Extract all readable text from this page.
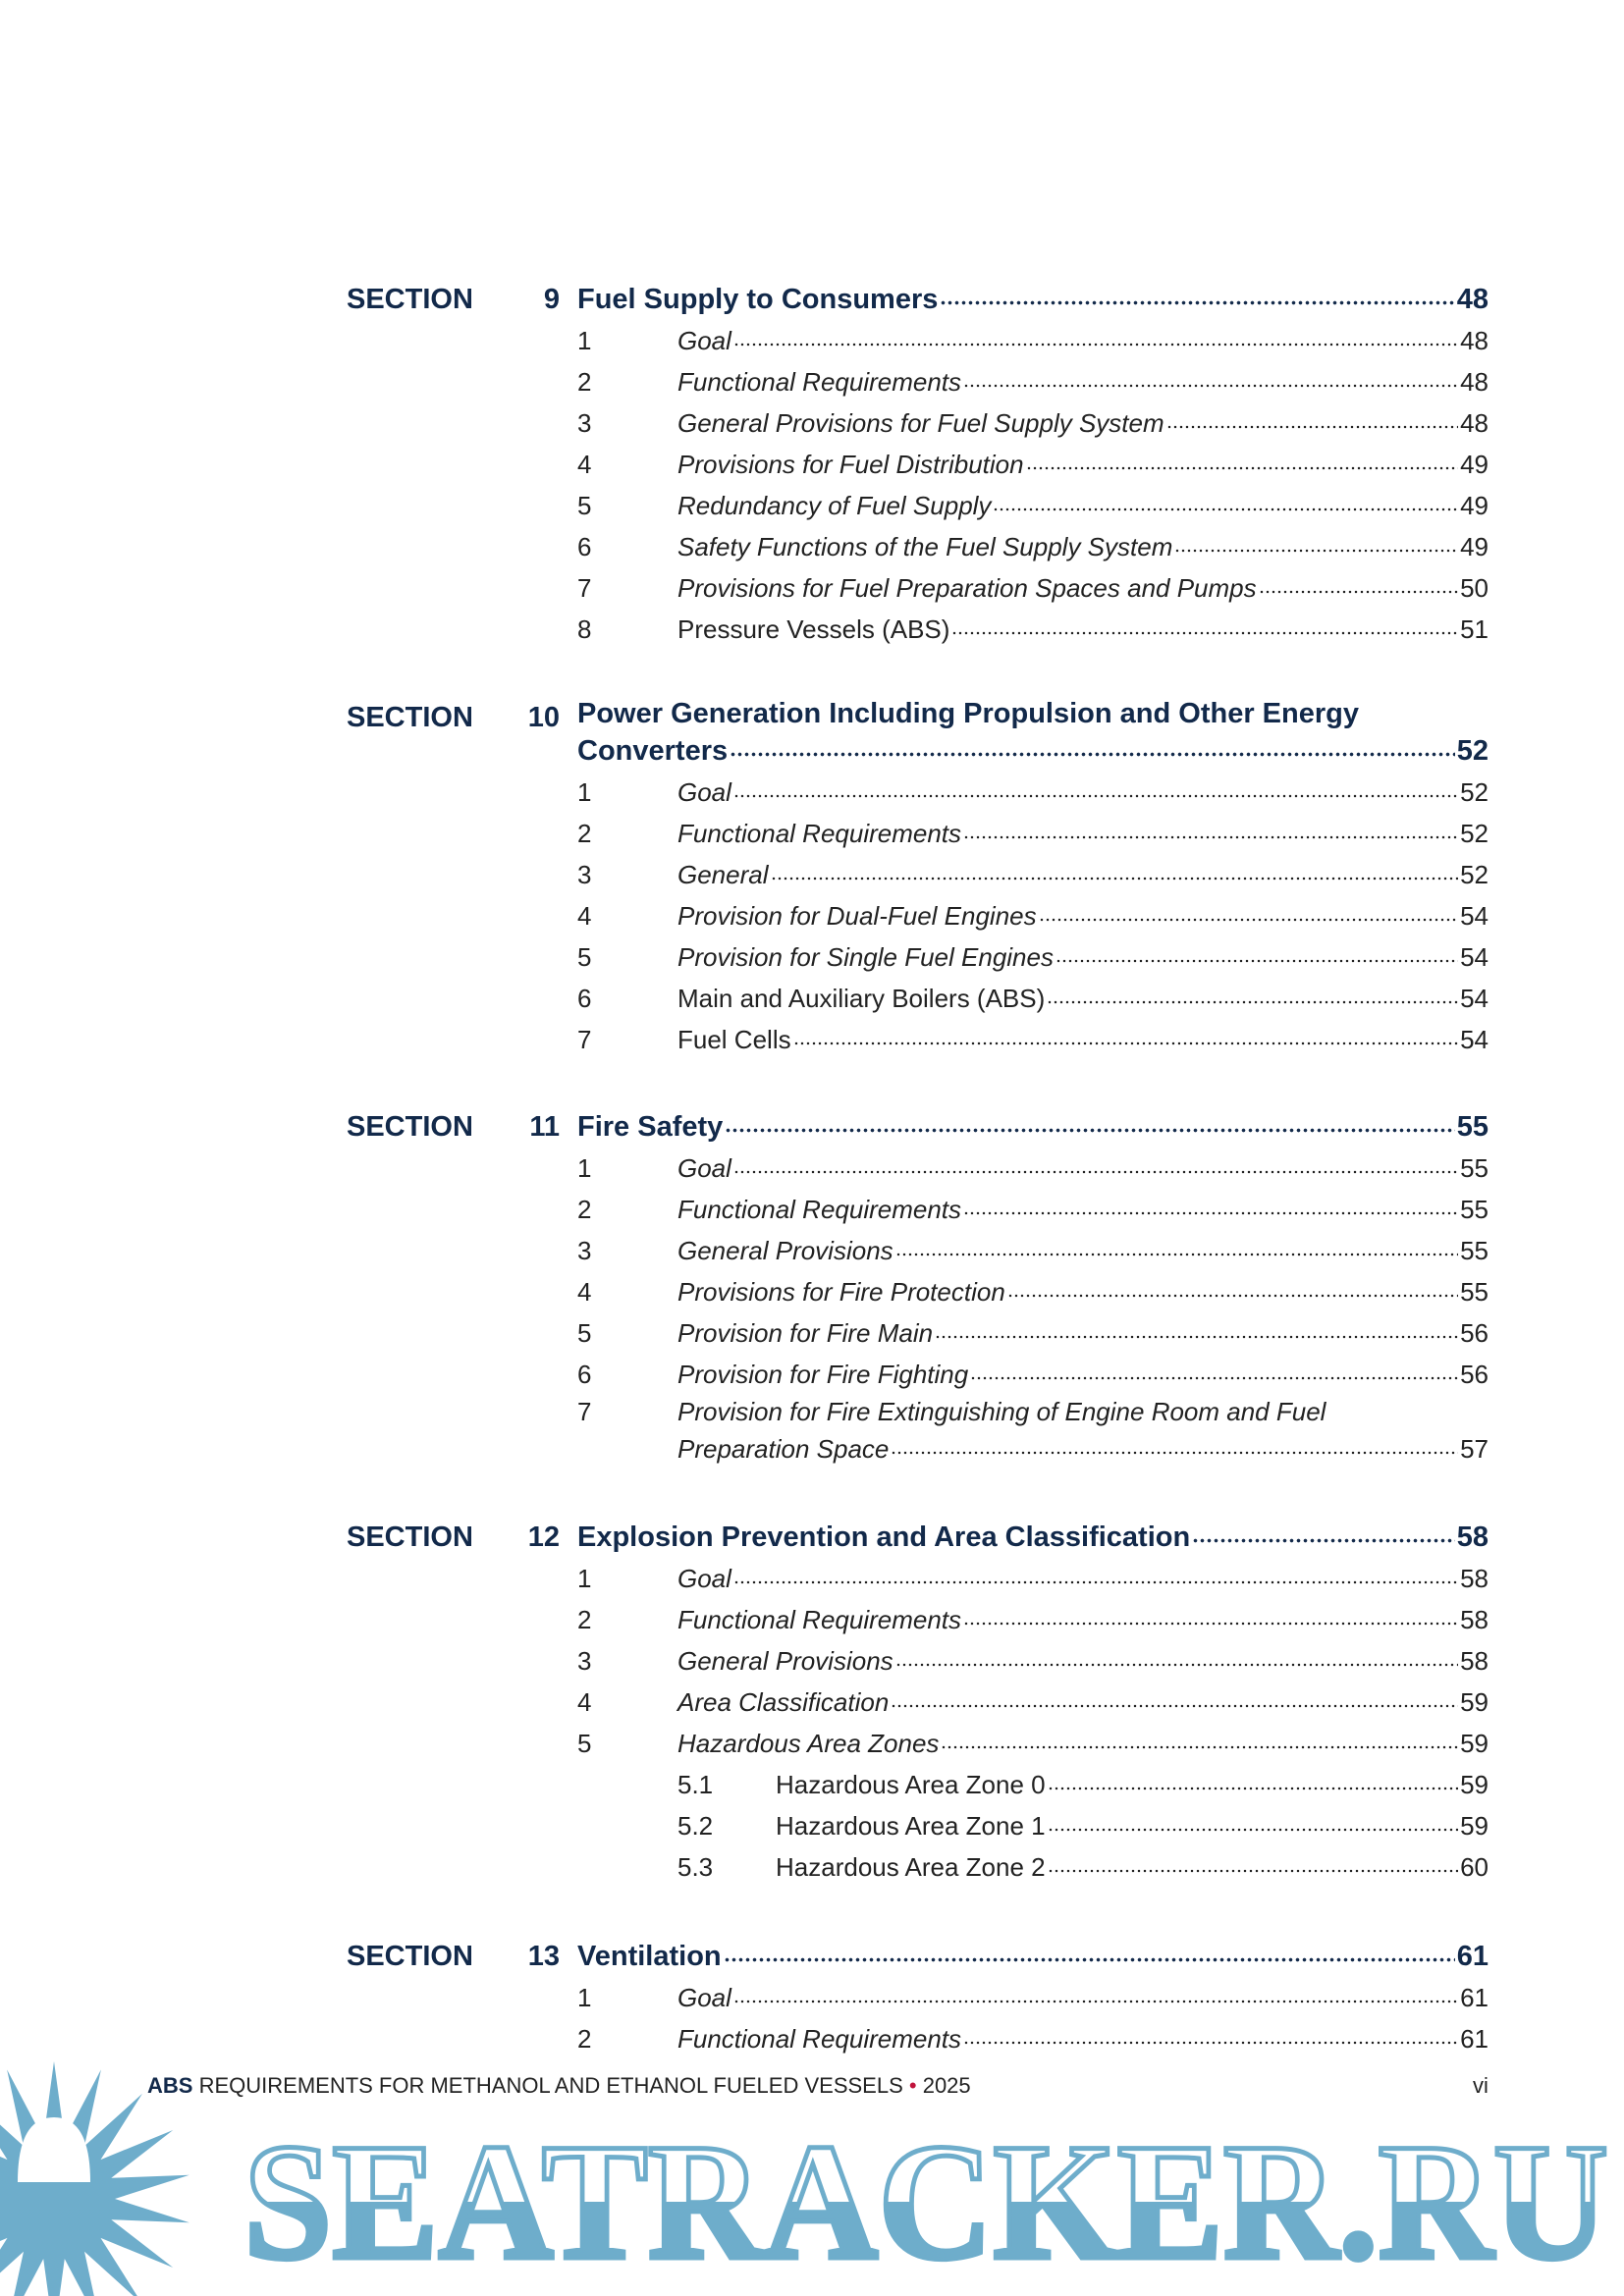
SECTION	9 Fuel Supply to Consumers	48
1	Goal	48
2	Functional Requirements	48
3	General Provisions for Fuel Supply System	48
4	Provisions for Fuel Distribution	49
5	Redundancy of Fuel Supply	49
6	Safety Functions of the Fuel Supply System	49
7	Provisions for Fuel Preparation Spaces and Pumps	50
8	Pressure Vessels (ABS)	51
SECTION	10 Power Generation Including Propulsion and Other Energy
Converters	52
1	Goal	52
2	Functional Requirements	52
3	General	52
4	Provision for Dual-Fuel Engines	54
5	Provision for Single Fuel Engines	54
6	Main and Auxiliary Boilers (ABS)	54
7	Fuel Cells	54
SECTION	11 Fire Safety	55
1	Goal	55
2	Functional Requirements	55
3	General Provisions	55
4	Provisions for Fire Protection	55
5	Provision for Fire Main	56
6	Provision for Fire Fighting	56
7	Provision for Fire Extinguishing of Engine Room and Fuel
Preparation Space	57
SECTION	12 Explosion Prevention and Area Classification	58
1	Goal	58
2	Functional Requirements	58
3	General Provisions	58
4	Area Classification	59
5	Hazardous Area Zones	59
5.1	Hazardous Area Zone 0	59
5.2	Hazardous Area Zone 1	59
5.3	Hazardous Area Zone 2	60
SECTION	13 Ventilation	61
1	Goal	61
2	Functional Requirements	61
SEATRACKER.RU
ABS REQUIREMENTS FOR METHANOL AND ETHANOL FUELED VESSELS • 2025	vi
